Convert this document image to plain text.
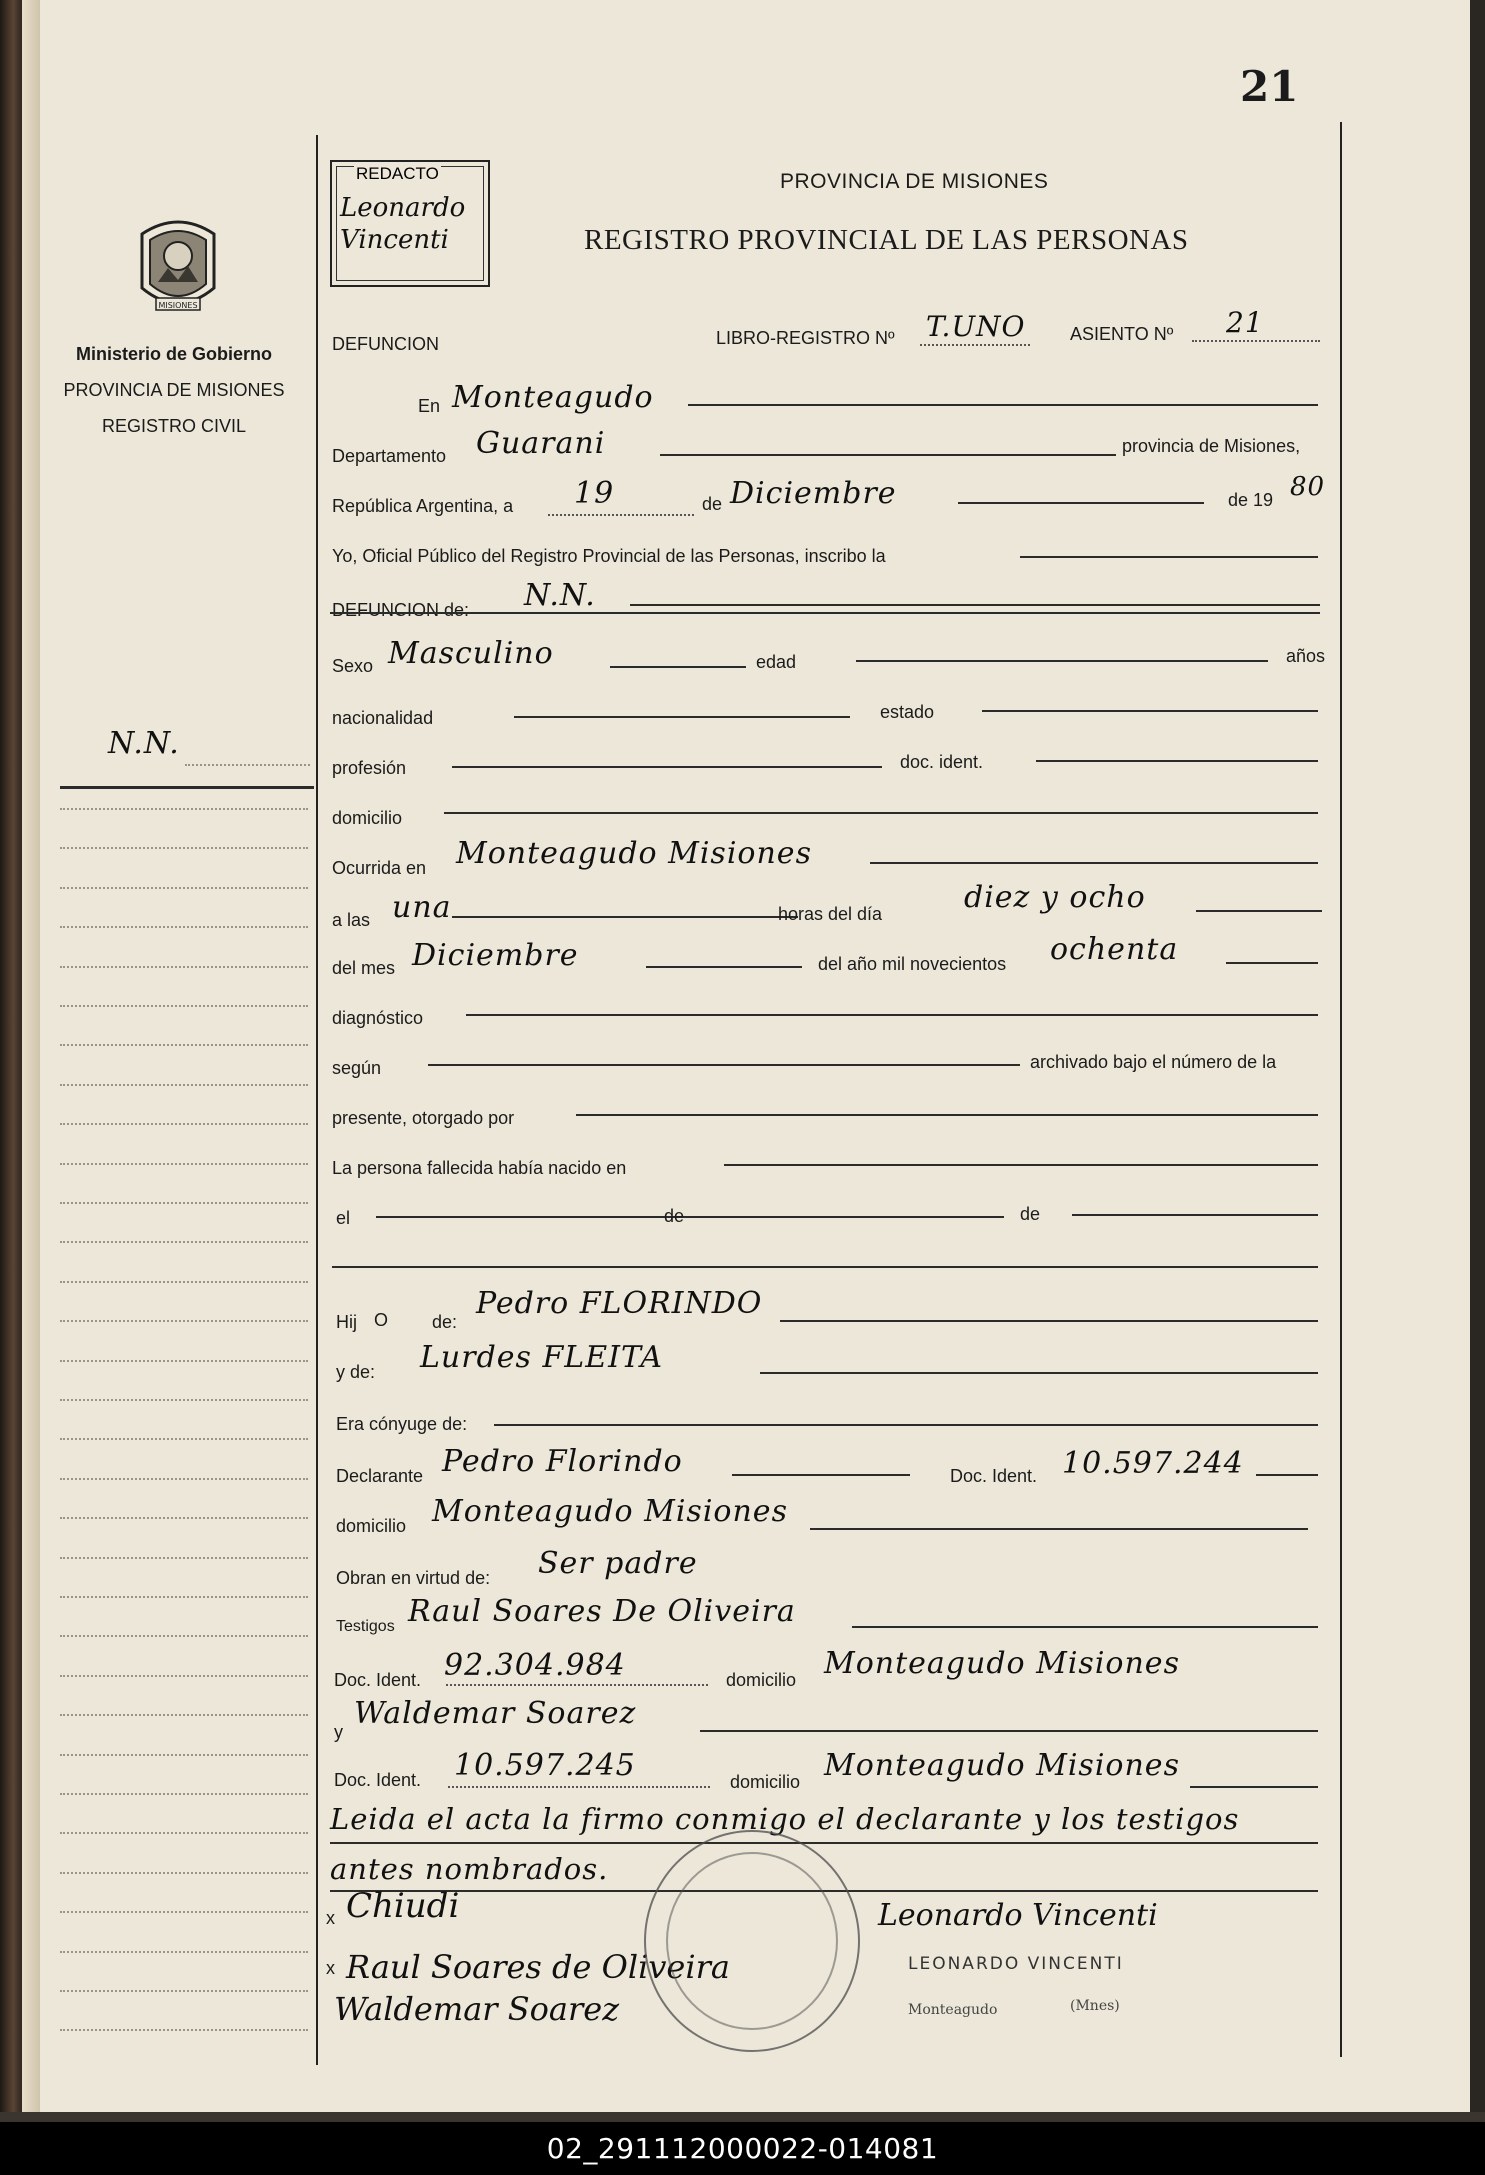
21
MISIONES
Ministerio de Gobierno
PROVINCIA DE MISIONES
REGISTRO CIVIL
N.N.
REDACTO
Leonardo
Vincenti
PROVINCIA DE MISIONES
REGISTRO PROVINCIAL DE LAS PERSONAS
DEFUNCION	LIBRO-REGISTRO Nº T.UNO ASIENTO Nº 21
En Monteagudo
Departamento Guarani	provincia de Misiones,
República Argentina, a 19	de Diciembre	de 19 80
Yo, Oficial Público del Registro Provincial de las Personas, inscribo la
DEFUNCION de: N.N.
Sexo Masculino	edad	años
nacionalidad	estado
profesión	doc. ident.
domicilio
Ocurrida en Monteagudo Misiones
a las una	horas del día	diez y ocho
del mes Diciembre	del año mil novecientos ochenta
diagnóstico
según	archivado bajo el número de la
presente, otorgado por
La persona fallecida había nacido en
el	de	de
Hij O de:
Pedro FLORINDO
y de: Lurdes FLEITA
Era cónyuge de:
Declarante Pedro Florindo	Doc. Ident. 10.597.244
domicilio Monteagudo Misiones
Obran en virtud de: Ser padre
Testigos Raul Soares De Oliveira
Doc. Ident. 92.304.984	domicilio Monteagudo Misiones
y
Waldemar Soarez
Doc. Ident. 10.597.245	domicilio Monteagudo Misiones
Leida el acta la firmo conmigo el declarante y los testigos
antes nombrados.
x
x
Chiudi
Raul Soares de Oliveira
Waldemar Soarez
Leonardo Vincenti
LEONARDO VINCENTI
Monteagudo	(Mnes)
02_291112000022-014081
